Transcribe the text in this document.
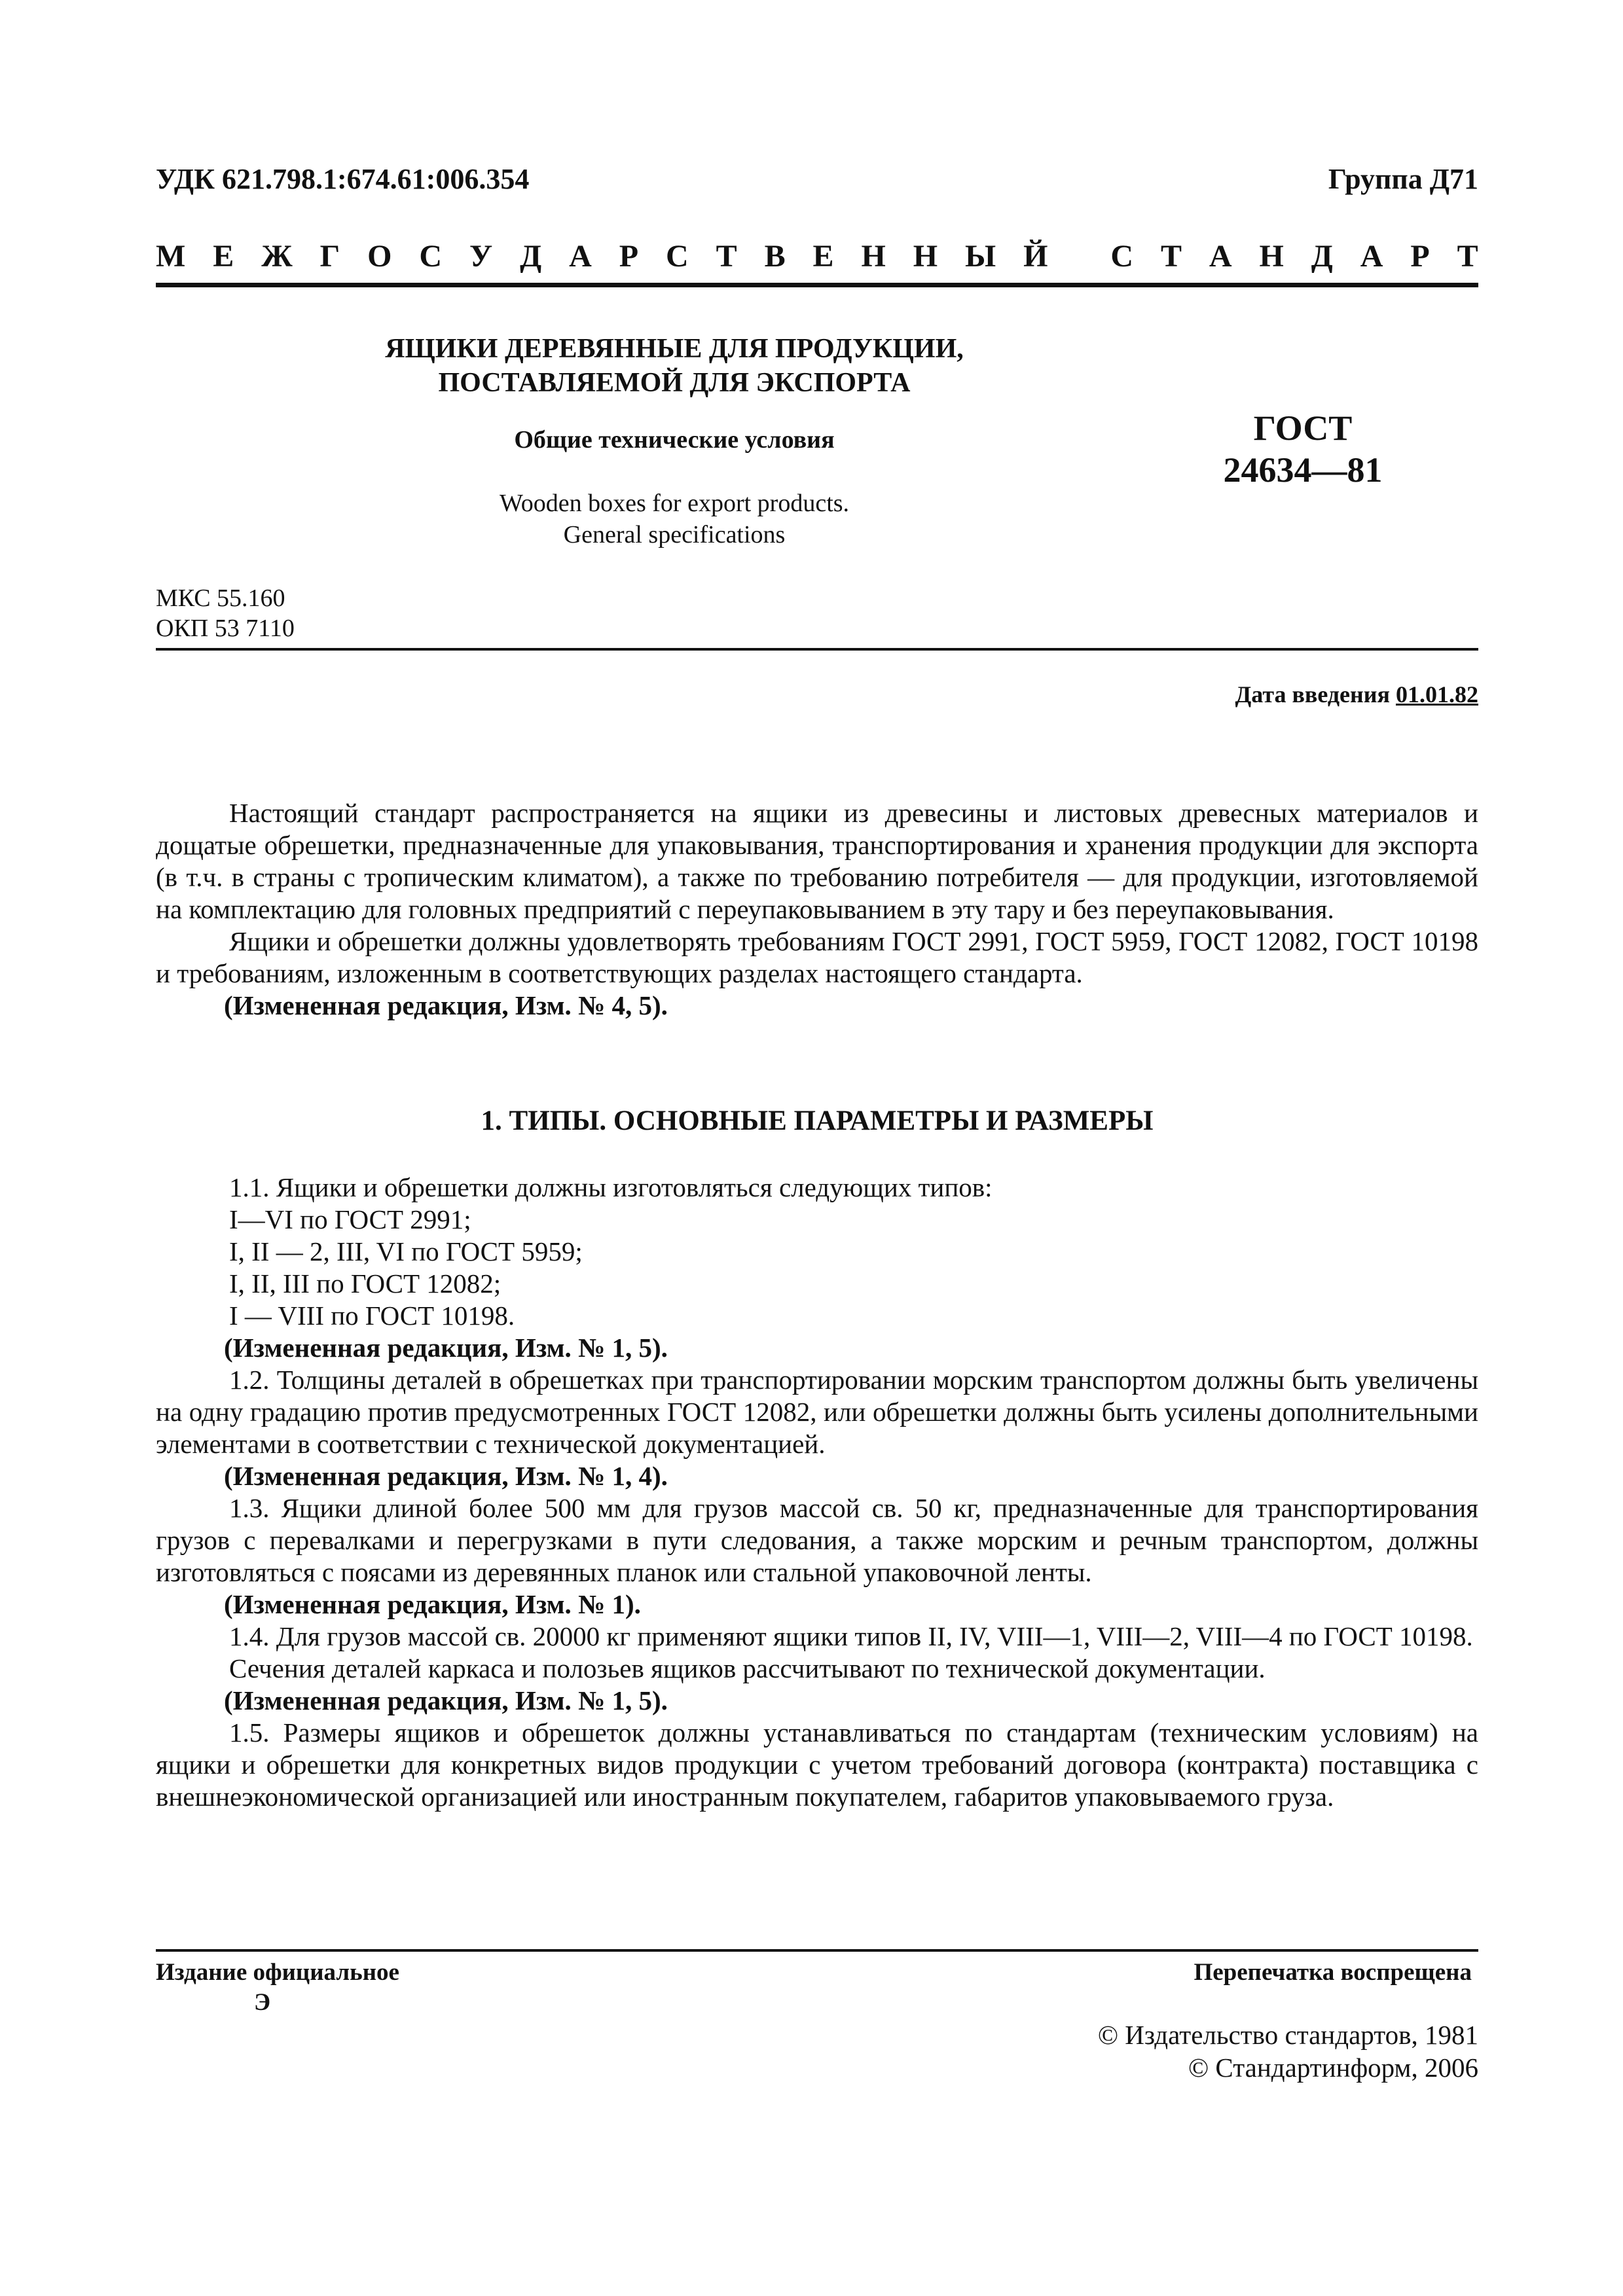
УДК 621.798.1:674.61:006.354	Группа Д71
М Е Ж Г О С У Д А Р С Т В Е Н Н Ы Й
С Т А Н Д А Р Т
ЯЩИКИ ДЕРЕВЯННЫЕ ДЛЯ ПРОДУКЦИИ,
ПОСТАВЛЯЕМОЙ ДЛЯ ЭКСПОРТА
Общие технические условия
Wooden boxes for export products.
General specifications
ГОСТ
24634—81
МКС 55.160
ОКП 53 7110
Дата введения 01.01.82

Настоящий стандарт распространяется на ящики из древесины и листовых древесных материалов и дощатые обрешетки, предназначенные для упаковывания, транспортирования и хранения продукции для экспорта (в т.ч. в страны с тропическим климатом), а также по требованию потребителя — для продукции, изготовляемой на комплектацию для головных предприятий с переупаковыванием в эту тару и без переупаковывания.

Ящики и обрешетки должны удовлетворять требованиям ГОСТ 2991, ГОСТ 5959, ГОСТ 12082, ГОСТ 10198 и требованиям, изложенным в соответствующих разделах настоящего стандарта.

(Измененная редакция, Изм. № 4, 5).

1. ТИПЫ. ОСНОВНЫЕ ПАРАМЕТРЫ И РАЗМЕРЫ

1.1. Ящики и обрешетки должны изготовляться следующих типов:

I—VI по ГОСТ 2991;

I, II — 2, III, VI по ГОСТ 5959;

I, II, III по ГОСТ 12082;

I — VIII по ГОСТ 10198.

(Измененная редакция, Изм. № 1, 5).

1.2. Толщины деталей в обрешетках при транспортировании морским транспортом должны быть увеличены на одну градацию против предусмотренных ГОСТ 12082, или обрешетки должны быть усилены дополнительными элементами в соответствии с технической документацией.

(Измененная редакция, Изм. № 1, 4).

1.3. Ящики длиной более 500 мм для грузов массой св. 50 кг, предназначенные для транспортирования грузов с перевалками и перегрузками в пути следования, а также морским и речным транспортом, должны изготовляться с поясами из деревянных планок или стальной упаковочной ленты.

(Измененная редакция, Изм. № 1).

1.4. Для грузов массой св. 20000 кг применяют ящики типов II, IV, VIII—1, VIII—2, VIII—4 по ГОСТ 10198.

Сечения деталей каркаса и полозьев ящиков рассчитывают по технической документации.

(Измененная редакция, Изм. № 1, 5).

1.5. Размеры ящиков и обрешеток должны устанавливаться по стандартам (техническим условиям) на ящики и обрешетки для конкретных видов продукции с учетом требований договора (контракта) поставщика с внешнеэкономической организацией или иностранным покупателем, габаритов упаковываемого груза.

Издание официальное
Э
Перепечатка воспрещена
© Издательство стандартов, 1981
© Стандартинформ, 2006
